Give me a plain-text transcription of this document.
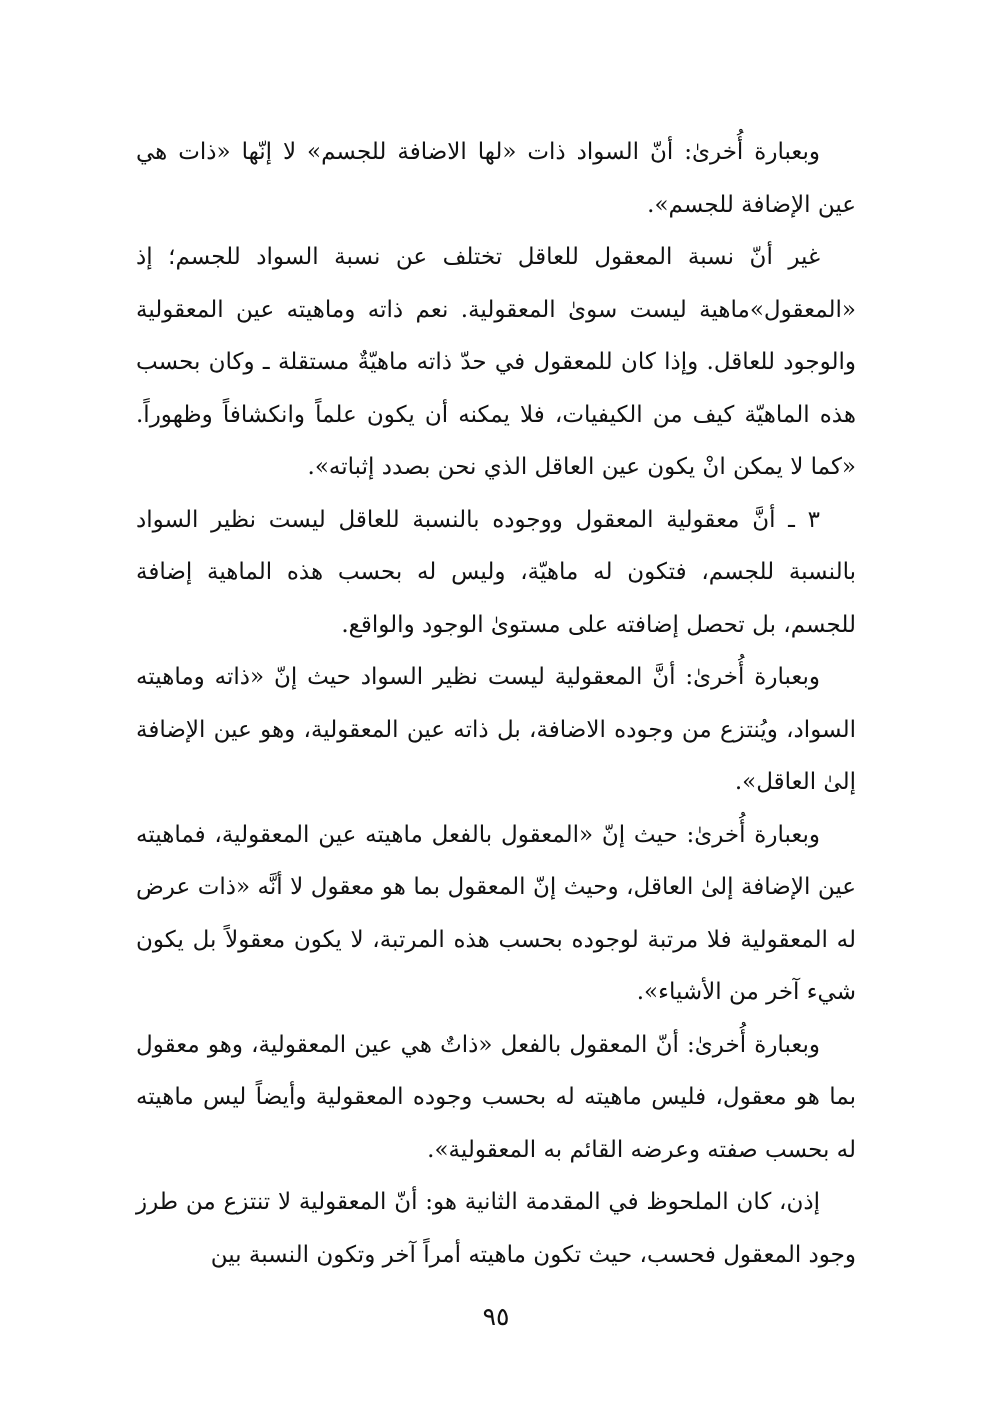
وبعبارة أُخرىٰ: أنّ السواد ذات «لها الاضافة للجسم» لا إنّها «ذات هي عين الإضافة للجسم».

غير أنّ نسبة المعقول للعاقل تختلف عن نسبة السواد للجسم؛ إذ «المعقول»ماهية ليست سوىٰ المعقولية. نعم ذاته وماهيته عين المعقولية والوجود للعاقل. وإذا كان للمعقول في حدّ ذاته ماهيّةٌ مستقلة ـ وكان بحسب هذه الماهيّة كيف من الكيفيات، فلا يمكنه أن يكون علماً وانكشافاً وظهوراً. «كما لا يمكن انْ يكون عين العاقل الذي نحن بصدد إثباته».

٣ ـ أنَّ معقولية المعقول ووجوده بالنسبة للعاقل ليست نظير السواد بالنسبة للجسم، فتكون له ماهيّة، وليس له بحسب هذه الماهية إضافة للجسم، بل تحصل إضافته على مستوىٰ الوجود والواقع.

وبعبارة أُخرىٰ: أنَّ المعقولية ليست نظير السواد حيث إنّ «ذاته وماهيته السواد، ويُنتزع من وجوده الاضافة، بل ذاته عين المعقولية، وهو عين الإضافة إلىٰ العاقل».

وبعبارة أُخرىٰ: حيث إنّ «المعقول بالفعل ماهيته عين المعقولية، فماهيته عين الإضافة إلىٰ العاقل، وحيث إنّ المعقول بما هو معقول لا أنَّه «ذات عرض له المعقولية فلا مرتبة لوجوده بحسب هذه المرتبة، لا يكون معقولاً بل يكون شيء آخر من الأشياء».

وبعبارة أُخرىٰ: أنّ المعقول بالفعل «ذاتٌ هي عين المعقولية، وهو معقول بما هو معقول، فليس ماهيته له بحسب وجوده المعقولية وأيضاً ليس ماهيته له بحسب صفته وعرضه القائم به المعقولية».

إذن، كان الملحوظ في المقدمة الثانية هو: أنّ المعقولية لا تنتزع من طرز وجود المعقول فحسب، حيث تكون ماهيته أمراً آخر وتكون النسبة بين

٩٥
